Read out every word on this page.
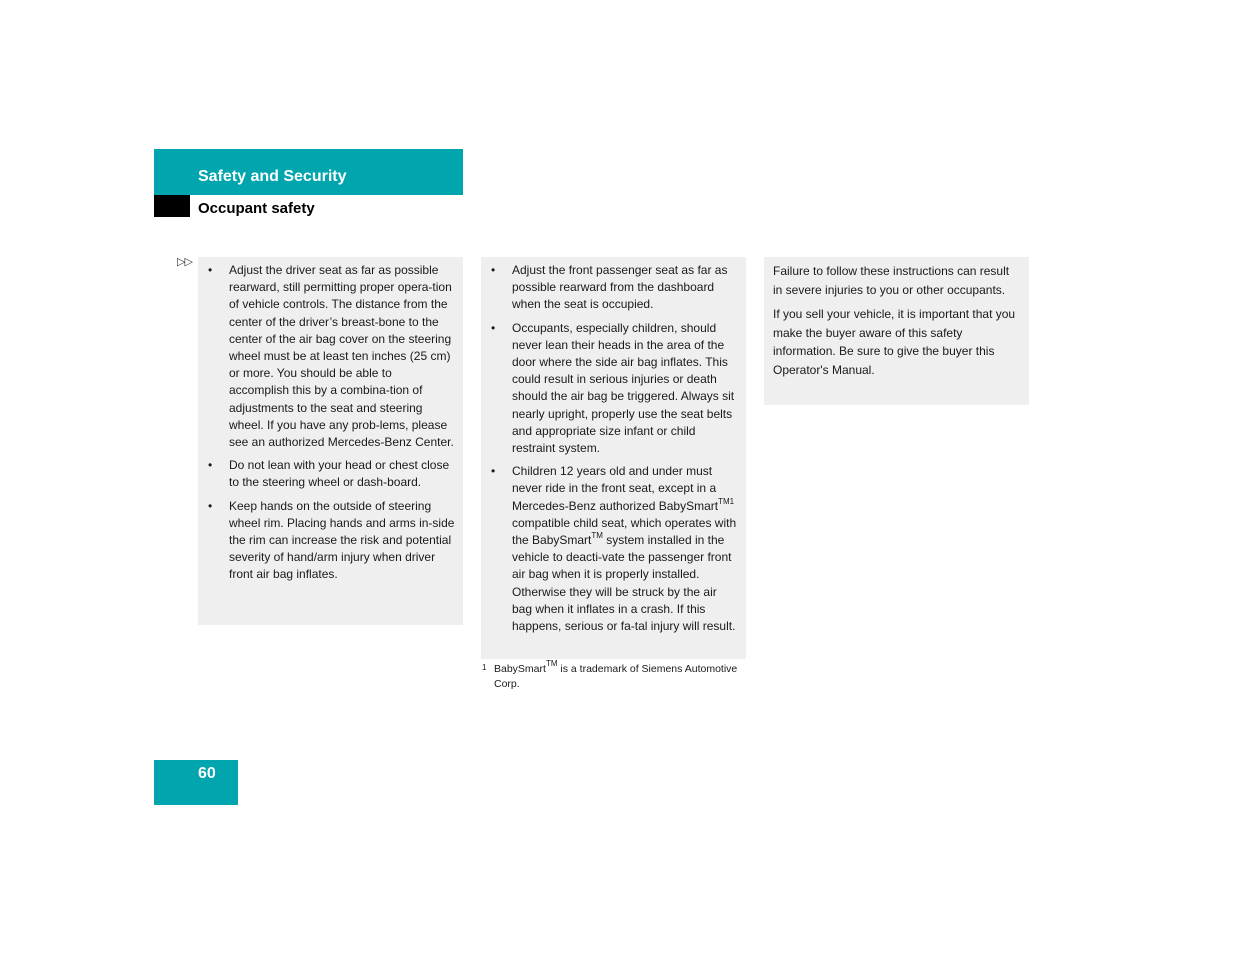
Safety and Security
Occupant safety
▷▷
• Adjust the driver seat as far as possible rearward, still permitting proper opera-tion of vehicle controls. The distance from the center of the driver’s breast-bone to the center of the air bag cover on the steering wheel must be at least ten inches (25 cm) or more. You should be able to accomplish this by a combina-tion of adjustments to the seat and steering wheel. If you have any prob-lems, please see an authorized Mercedes-Benz Center.
• Do not lean with your head or chest close to the steering wheel or dash-board.
• Keep hands on the outside of steering wheel rim. Placing hands and arms in-side the rim can increase the risk and potential severity of hand/arm injury when driver front air bag inflates.
• Adjust the front passenger seat as far as possible rearward from the dashboard when the seat is occupied.
• Occupants, especially children, should never lean their heads in the area of the door where the side air bag inflates. This could result in serious injuries or death should the air bag be triggered. Always sit nearly upright, properly use the seat belts and appropriate size infant or child restraint system.
• Children 12 years old and under must never ride in the front seat, except in a Mercedes-Benz authorized BabySmart$^{TM1}$ compatible child seat, which operates with the BabySmart™ system installed in the vehicle to deacti-vate the passenger front air bag when it is properly installed. Otherwise they will be struck by the air bag when it inflates in a crash. If this happens, serious or fa-tal injury will result.
1 BabySmart™ is a trademark of Siemens Automotive Corp.

Failure to follow these instructions can result in severe injuries to you or other occupants.

If you sell your vehicle, it is important that you make the buyer aware of this safety information. Be sure to give the buyer this Operator's Manual.

60
